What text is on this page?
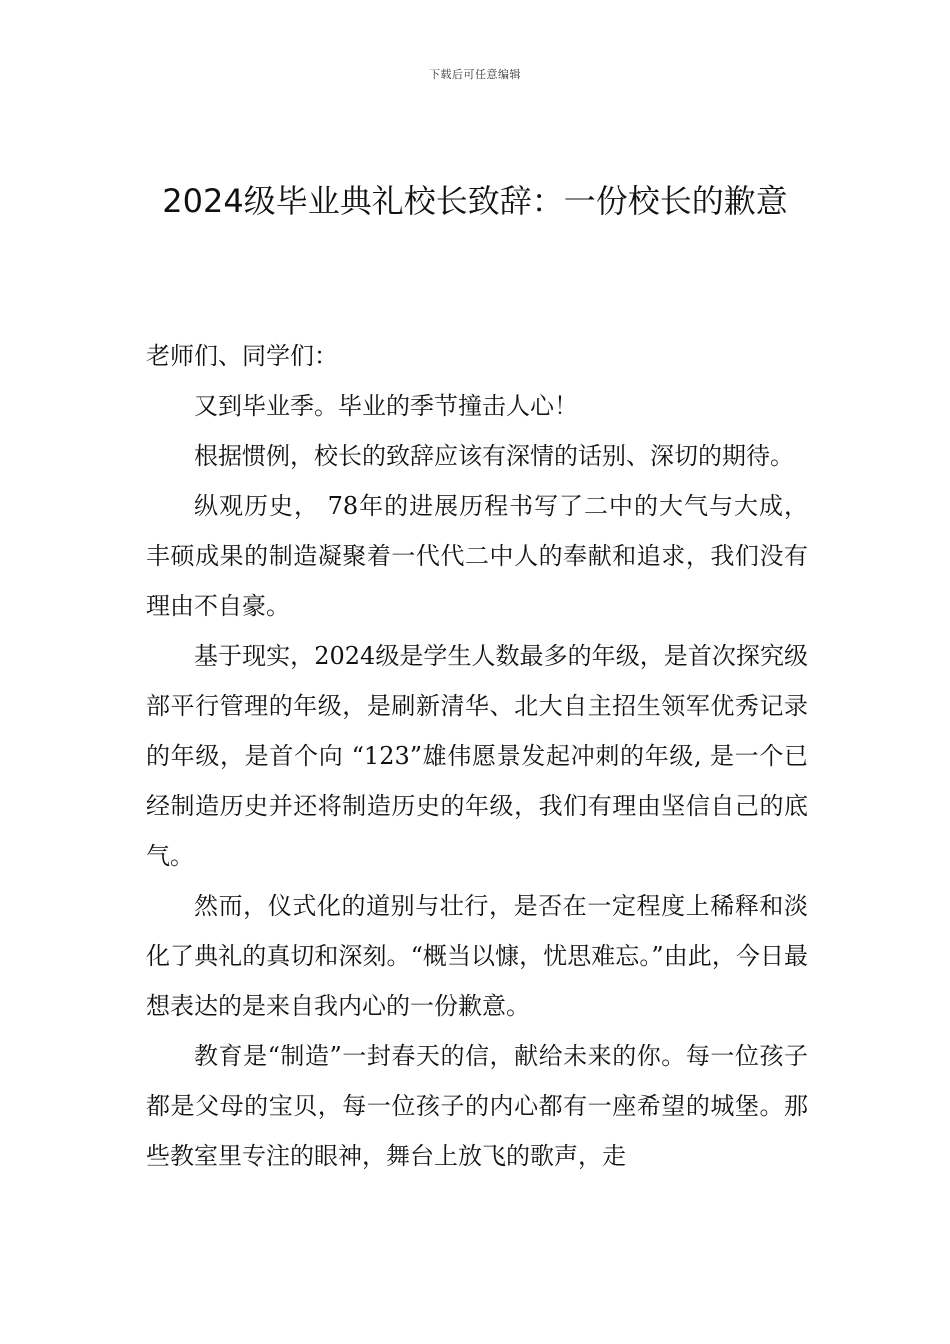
下载后可任意编辑
2024级毕业典礼校长致辞：一份校长的歉意

老师们、同学们：

又到毕业季。毕业的季节撞击人心！

根据惯例，校长的致辞应该有深情的话别、深切的期待。

纵观历史， 78年的进展历程书写了二中的大气与大成，丰硕成果的制造凝聚着一代代二中人的奉献和追求，我们没有理由不自豪。

基于现实，2024级是学生人数最多的年级，是首次探究级部平行管理的年级，是刷新清华、北大自主招生领军优秀记录的年级，是首个向 “123”雄伟愿景发起冲刺的年级, 是一个已经制造历史并还将制造历史的年级，我们有理由坚信自己的底气。

然而，仪式化的道别与壮行，是否在一定程度上稀释和淡化了典礼的真切和深刻。“概当以慷，忧思难忘。”由此，今日最想表达的是来自我内心的一份歉意。

教育是“制造”一封春天的信，献给未来的你。每一位孩子都是父母的宝贝，每一位孩子的内心都有一座希望的城堡。那些教室里专注的眼神，舞台上放飞的歌声，走
